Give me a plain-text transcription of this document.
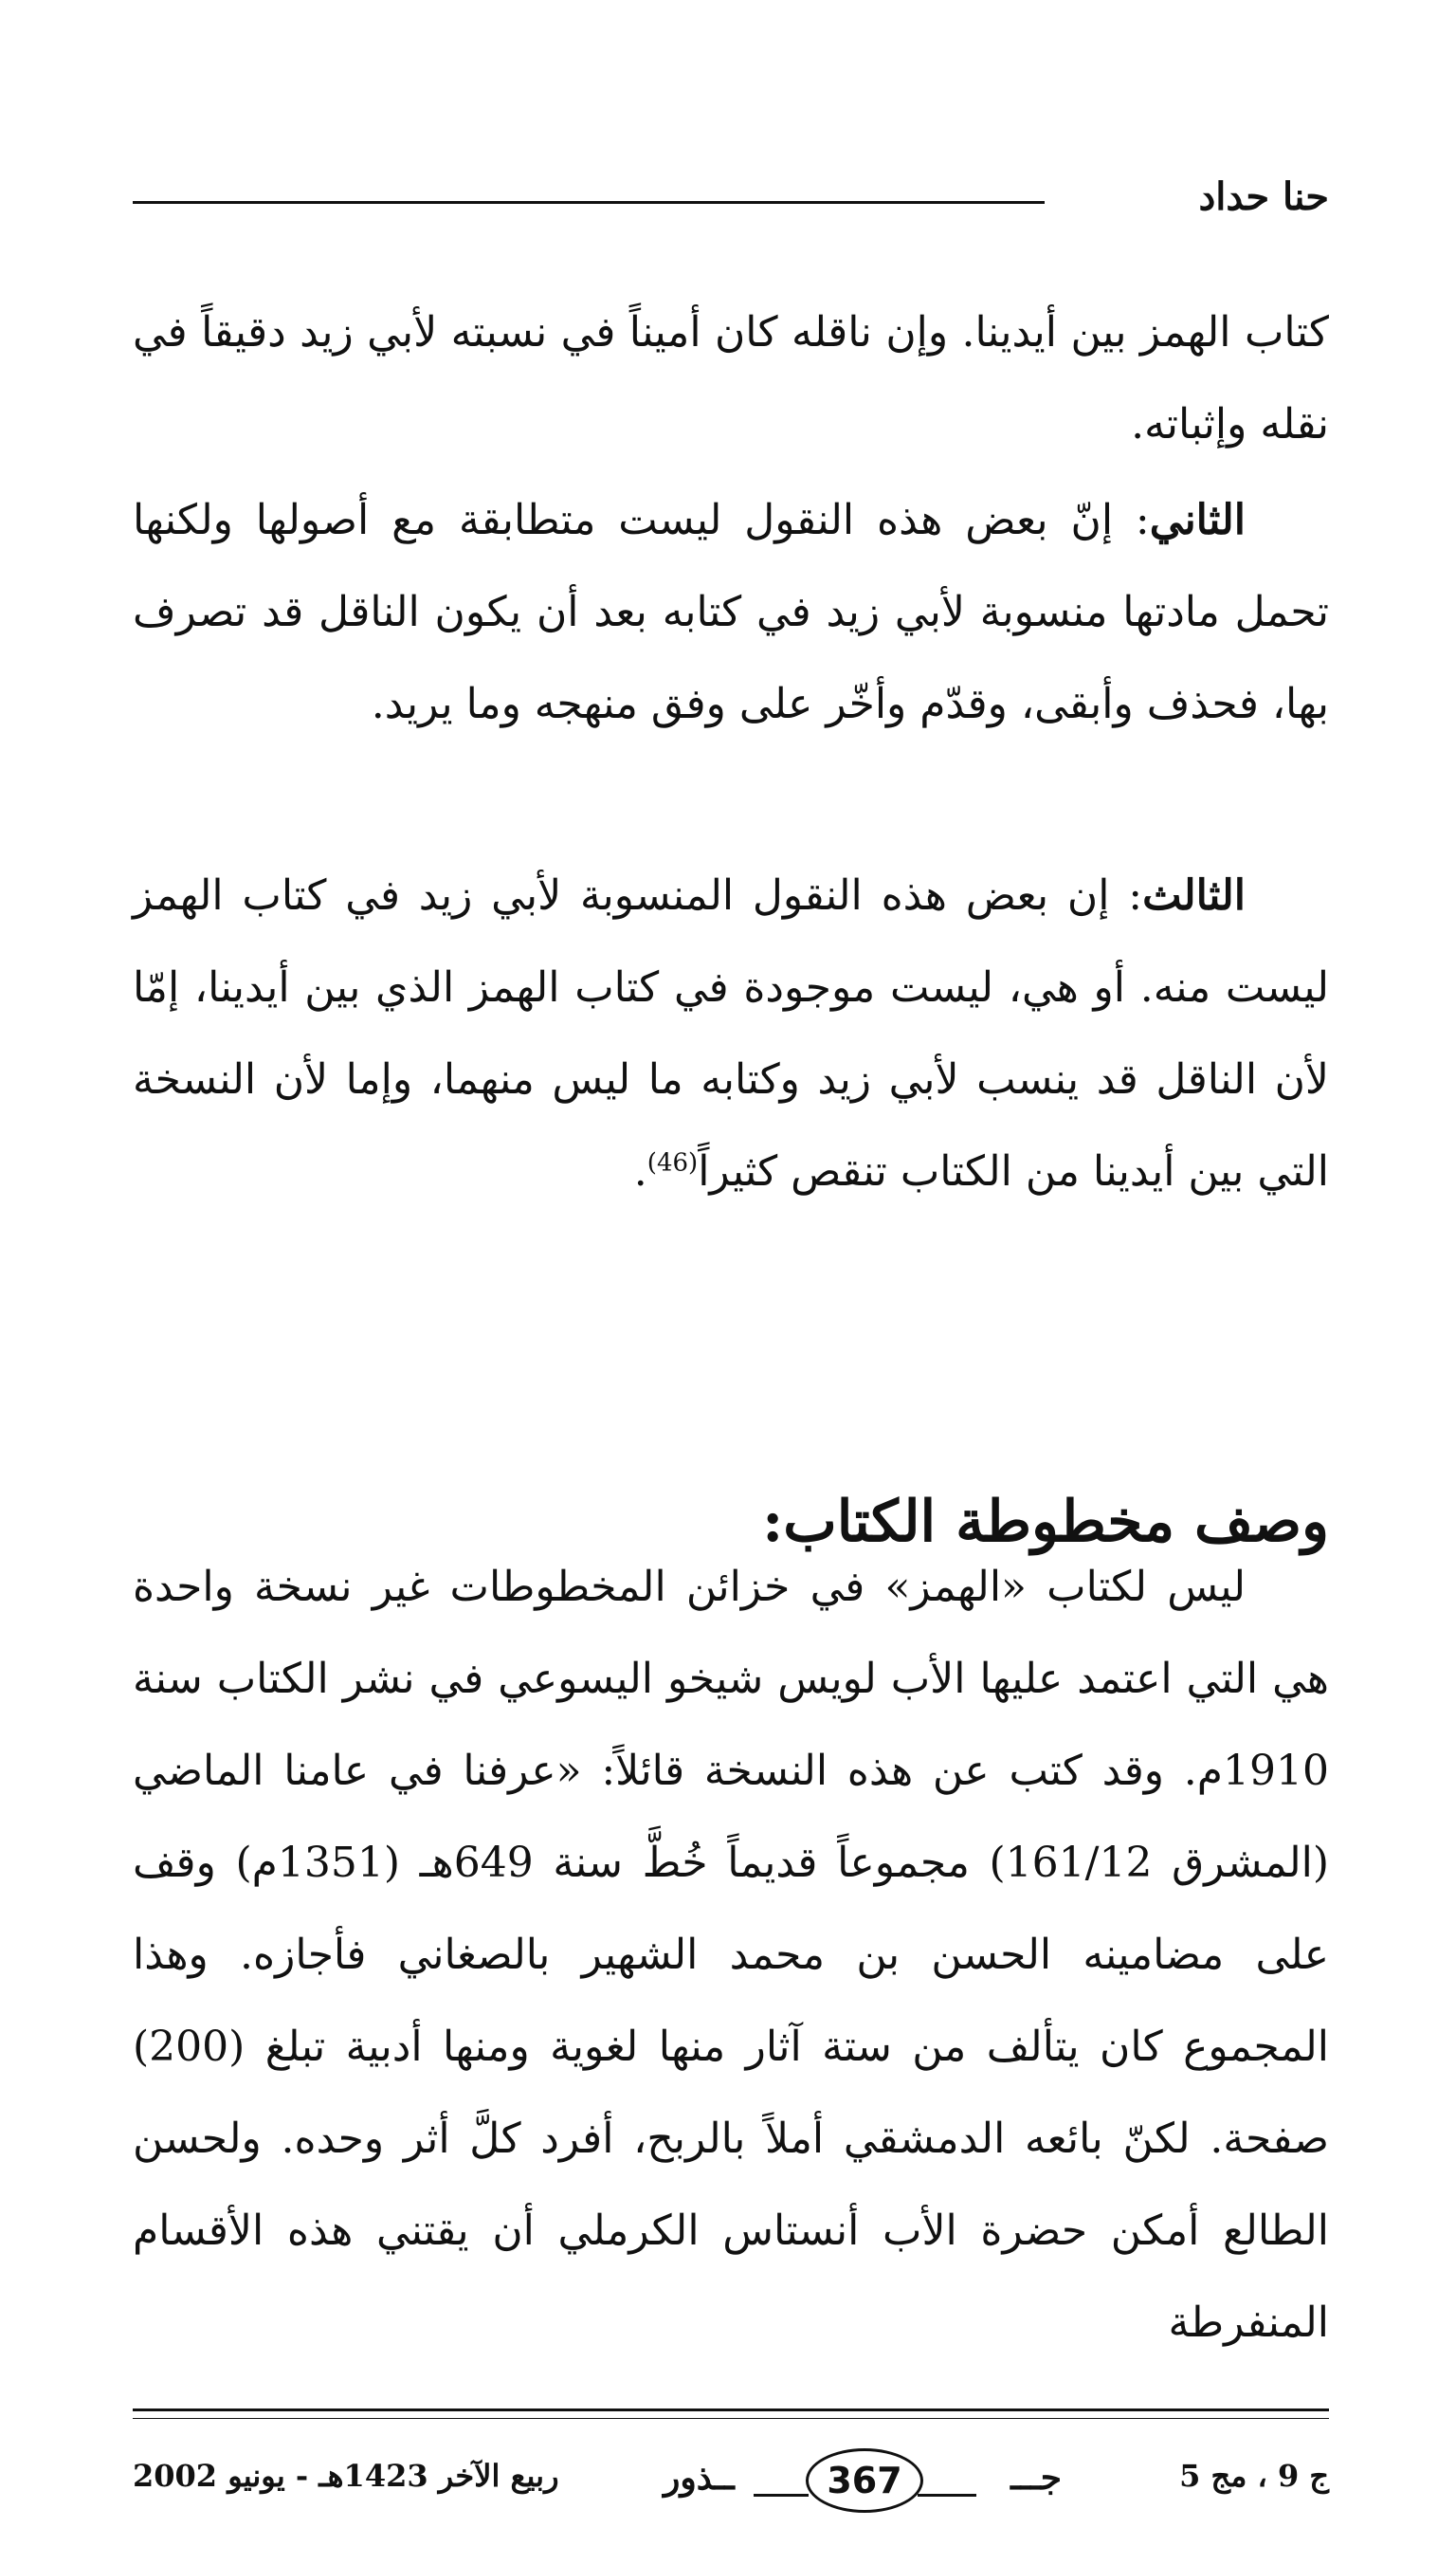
حنا حداد

كتاب الهمز بين أيدينا. وإن ناقله كان أميناً في نسبته لأبي زيد دقيقاً في نقله وإثباته.

الثاني: إنّ بعض هذه النقول ليست متطابقة مع أصولها ولكنها تحمل مادتها منسوبة لأبي زيد في كتابه بعد أن يكون الناقل قد تصرف بها، فحذف وأبقى، وقدّم وأخّر على وفق منهجه وما يريد.

الثالث: إن بعض هذه النقول المنسوبة لأبي زيد في كتاب الهمز ليست منه. أو هي، ليست موجودة في كتاب الهمز الذي بين أيدينا، إمّا لأن الناقل قد ينسب لأبي زيد وكتابه ما ليس منهما، وإما لأن النسخة التي بين أيدينا من الكتاب تنقص كثيراً$^{(46)}$.

وصف مخطوطة الكتاب:

ليس لكتاب «الهمز» في خزائن المخطوطات غير نسخة واحدة هي التي اعتمد عليها الأب لويس شيخو اليسوعي في نشر الكتاب سنة 1910م. وقد كتب عن هذه النسخة قائلاً: «عرفنا في عامنا الماضي (المشرق 161/12) مجموعاً قديماً خُطَّ سنة 649هـ (1351م) وقف على مضامينه الحسن بن محمد الشهير بالصغاني فأجازه. وهذا المجموع كان يتألف من ستة آثار منها لغوية ومنها أدبية تبلغ (200) صفحة. لكنّ بائعه الدمشقي أملاً بالربح، أفرد كلَّ أثر وحده. ولحسن الطالع أمكن حضرة الأب أنستاس الكرملي أن يقتني هذه الأقسام المنفرطة

ج 9 ، مج 5
ــذور	367	جـــ
ربيع الآخر 1423هـ - يونيو 2002
